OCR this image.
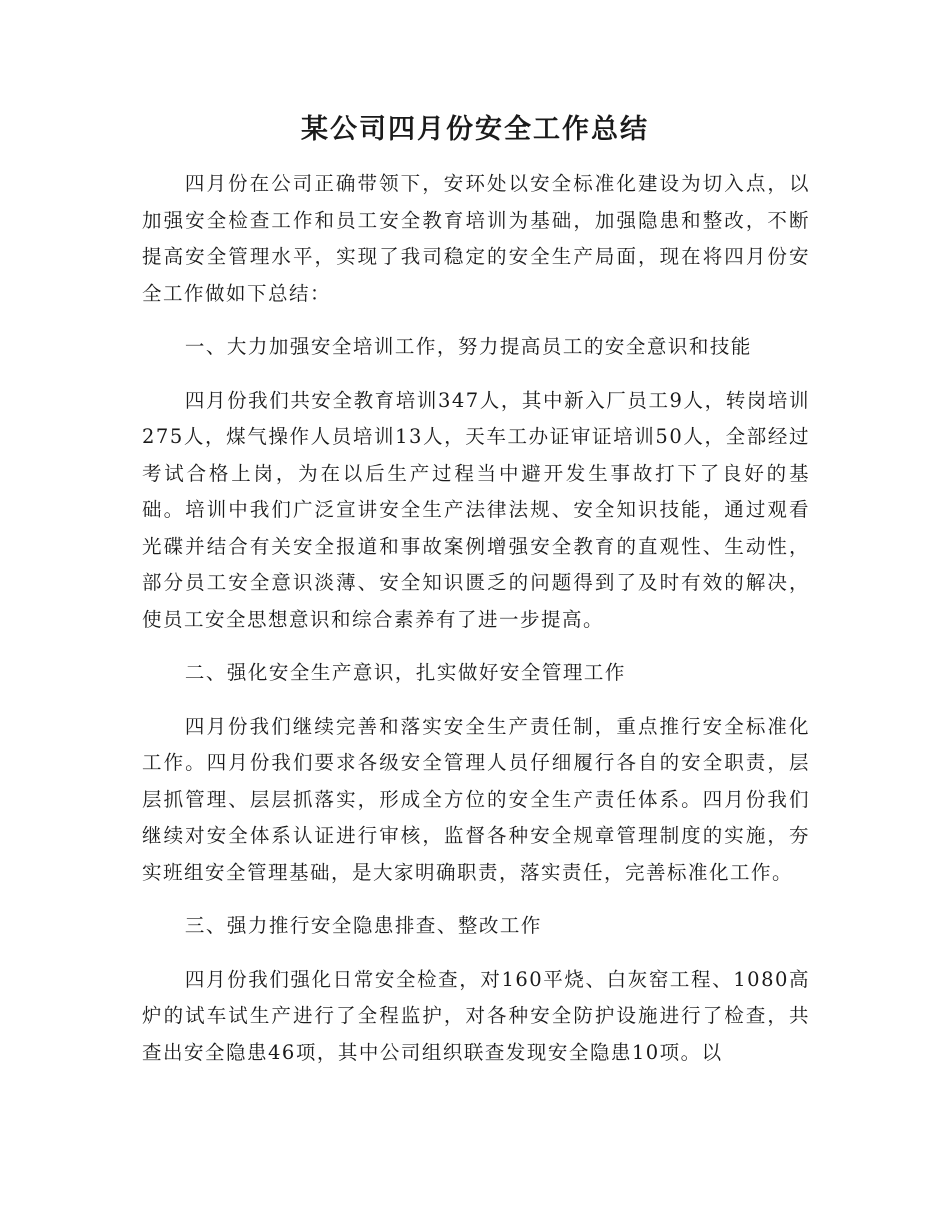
某公司四月份安全工作总结

四月份在公司正确带领下，安环处以安全标准化建设为切入点，以加强安全检查工作和员工安全教育培训为基础，加强隐患和整改，不断提高安全管理水平，实现了我司稳定的安全生产局面，现在将四月份安全工作做如下总结：

一、大力加强安全培训工作，努力提高员工的安全意识和技能

四月份我们共安全教育培训347人，其中新入厂员工9人，转岗培训275人，煤气操作人员培训13人，天车工办证审证培训50人，全部经过考试合格上岗，为在以后生产过程当中避开发生事故打下了良好的基础。培训中我们广泛宣讲安全生产法律法规、安全知识技能，通过观看光碟并结合有关安全报道和事故案例增强安全教育的直观性、生动性，部分员工安全意识淡薄、安全知识匮乏的问题得到了及时有效的解决，使员工安全思想意识和综合素养有了进一步提高。

二、强化安全生产意识，扎实做好安全管理工作

四月份我们继续完善和落实安全生产责任制，重点推行安全标准化工作。四月份我们要求各级安全管理人员仔细履行各自的安全职责，层层抓管理、层层抓落实，形成全方位的安全生产责任体系。四月份我们继续对安全体系认证进行审核，监督各种安全规章管理制度的实施，夯实班组安全管理基础，是大家明确职责，落实责任，完善标准化工作。

三、强力推行安全隐患排查、整改工作

四月份我们强化日常安全检查，对160平烧、白灰窑工程、1080高炉的试车试生产进行了全程监护，对各种安全防护设施进行了检查，共查出安全隐患46项，其中公司组织联查发现安全隐患10项。以
